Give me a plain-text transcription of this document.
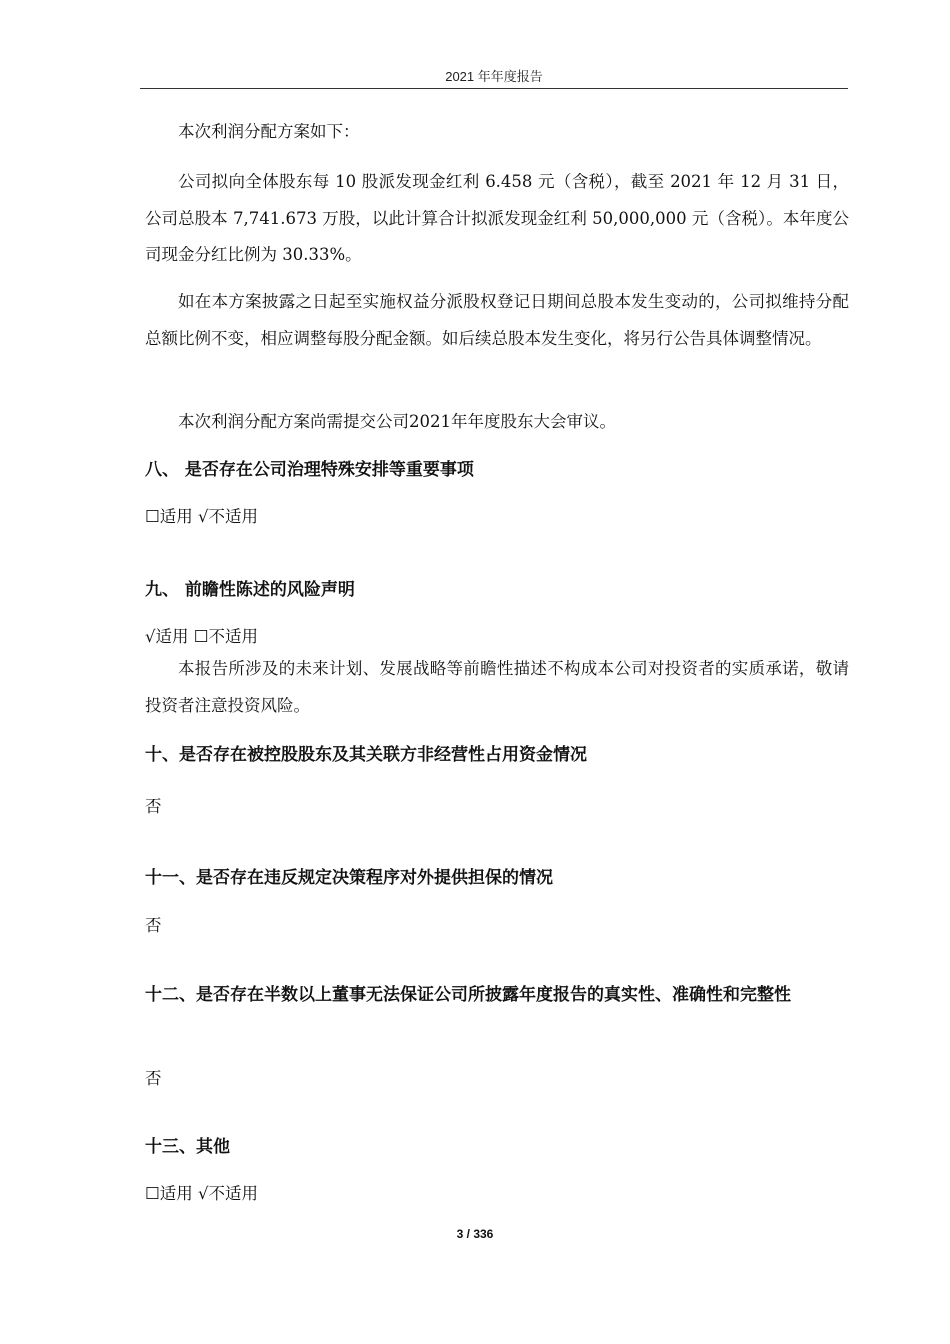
2021 年年度报告
本次利润分配方案如下：
公司拟向全体股东每 10 股派发现金红利 6.458 元（含税），截至 2021 年 12 月 31 日，公司总股本 7,741.673 万股，以此计算合计拟派发现金红利 50,000,000 元（含税）。本年度公司现金分红比例为 30.33%。
如在本方案披露之日起至实施权益分派股权登记日期间总股本发生变动的，公司拟维持分配总额比例不变，相应调整每股分配金额。如后续总股本发生变化，将另行公告具体调整情况。
本次利润分配方案尚需提交公司2021年年度股东大会审议。
八、 是否存在公司治理特殊安排等重要事项
☐适用 √不适用
九、 前瞻性陈述的风险声明
√适用 ☐不适用
本报告所涉及的未来计划、发展战略等前瞻性描述不构成本公司对投资者的实质承诺，敬请投资者注意投资风险。
十、是否存在被控股股东及其关联方非经营性占用资金情况
否
十一、是否存在违反规定决策程序对外提供担保的情况
否
十二、是否存在半数以上董事无法保证公司所披露年度报告的真实性、准确性和完整性
否
十三、其他
☐适用 √不适用
3 / 336
